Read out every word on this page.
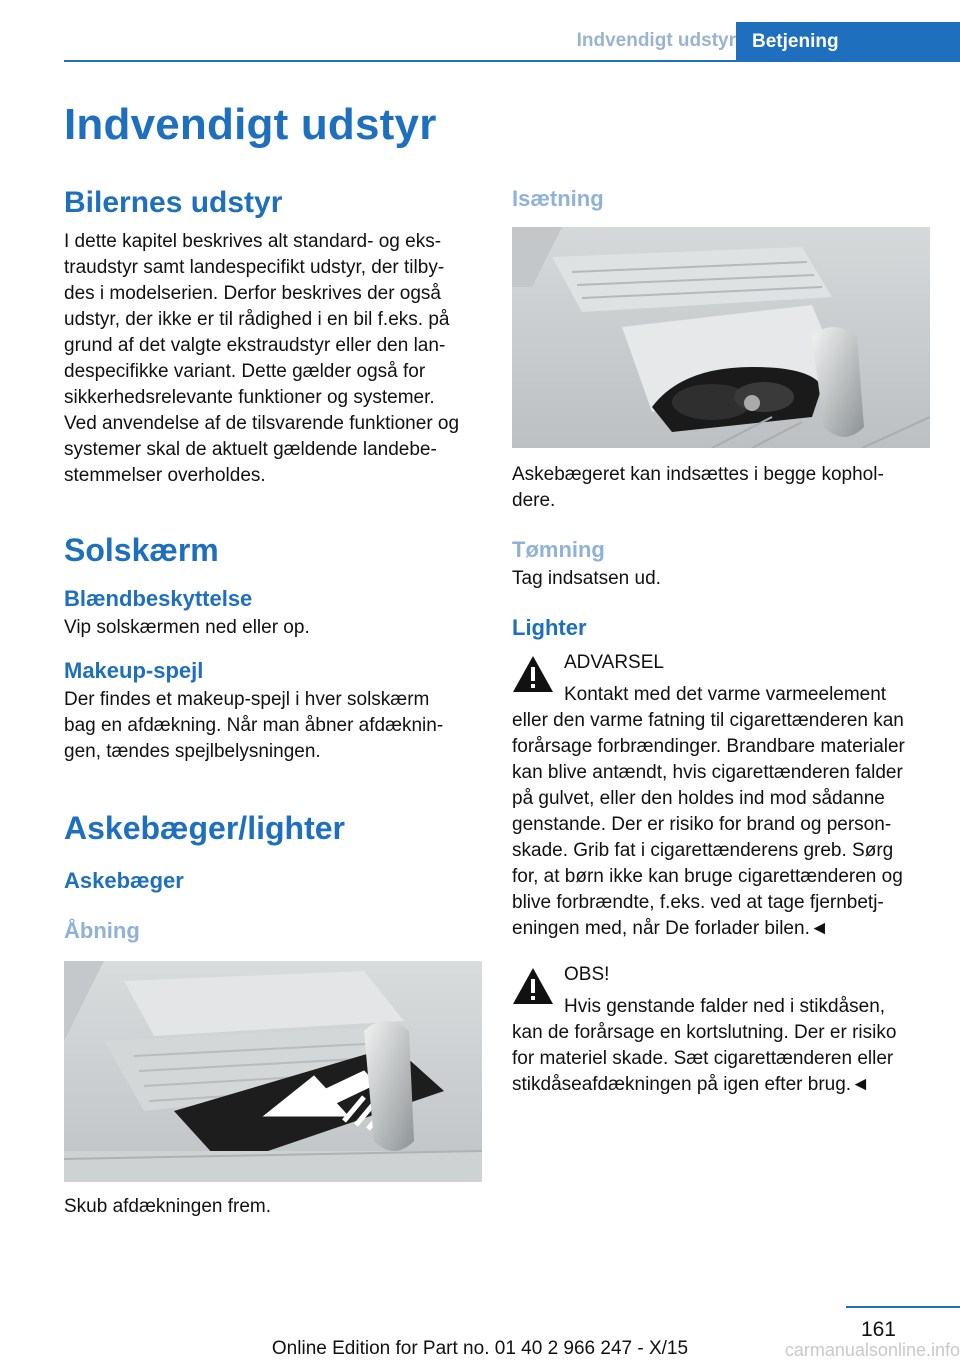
Indvendigt udstyr Betjening
Indvendigt udstyr
Bilernes udstyr
I dette kapitel beskrives alt standard- og eks-
traudstyr samt landespecifikt udstyr, der tilby-
des i modelserien. Derfor beskrives der også
udstyr, der ikke er til rådighed i en bil f.eks. på
grund af det valgte ekstraudstyr eller den lan-
despecifikke variant. Dette gælder også for
sikkerhedsrelevante funktioner og systemer.
Ved anvendelse af de tilsvarende funktioner og
systemer skal de aktuelt gældende landebe-
stemmelser overholdes.
Solskærm
Blændbeskyttelse
Vip solskærmen ned eller op.
Makeup-spejl
Der findes et makeup-spejl i hver solskærm
bag en afdækning. Når man åbner afdæknin-
gen, tændes spejlbelysningen.
Askebæger/lighter
Askebæger
Åbning
Skub afdækningen frem.
Isætning
Askebægeret kan indsættes i begge kophol-
dere.
Tømning
Tag indsatsen ud.
Lighter
ADVARSEL
Kontakt med det varme varmeelement
eller den varme fatning til cigarettænderen kan
forårsage forbrændinger. Brandbare materialer
kan blive antændt, hvis cigarettænderen falder
på gulvet, eller den holdes ind mod sådanne
genstande. Der er risiko for brand og person-
skade. Grib fat i cigarettænderens greb. Sørg
for, at børn ikke kan bruge cigarettænderen og
blive forbrændte, f.eks. ved at tage fjernbetj-
eningen med, når De forlader bilen.◄
OBS!
Hvis genstande falder ned i stikdåsen,
kan de forårsage en kortslutning. Der er risiko
for materiel skade. Sæt cigarettænderen eller
stikdåseafdækningen på igen efter brug.◄
161
Online Edition for Part no. 01 40 2 966 247 - X/15	carmanualsonline.info
